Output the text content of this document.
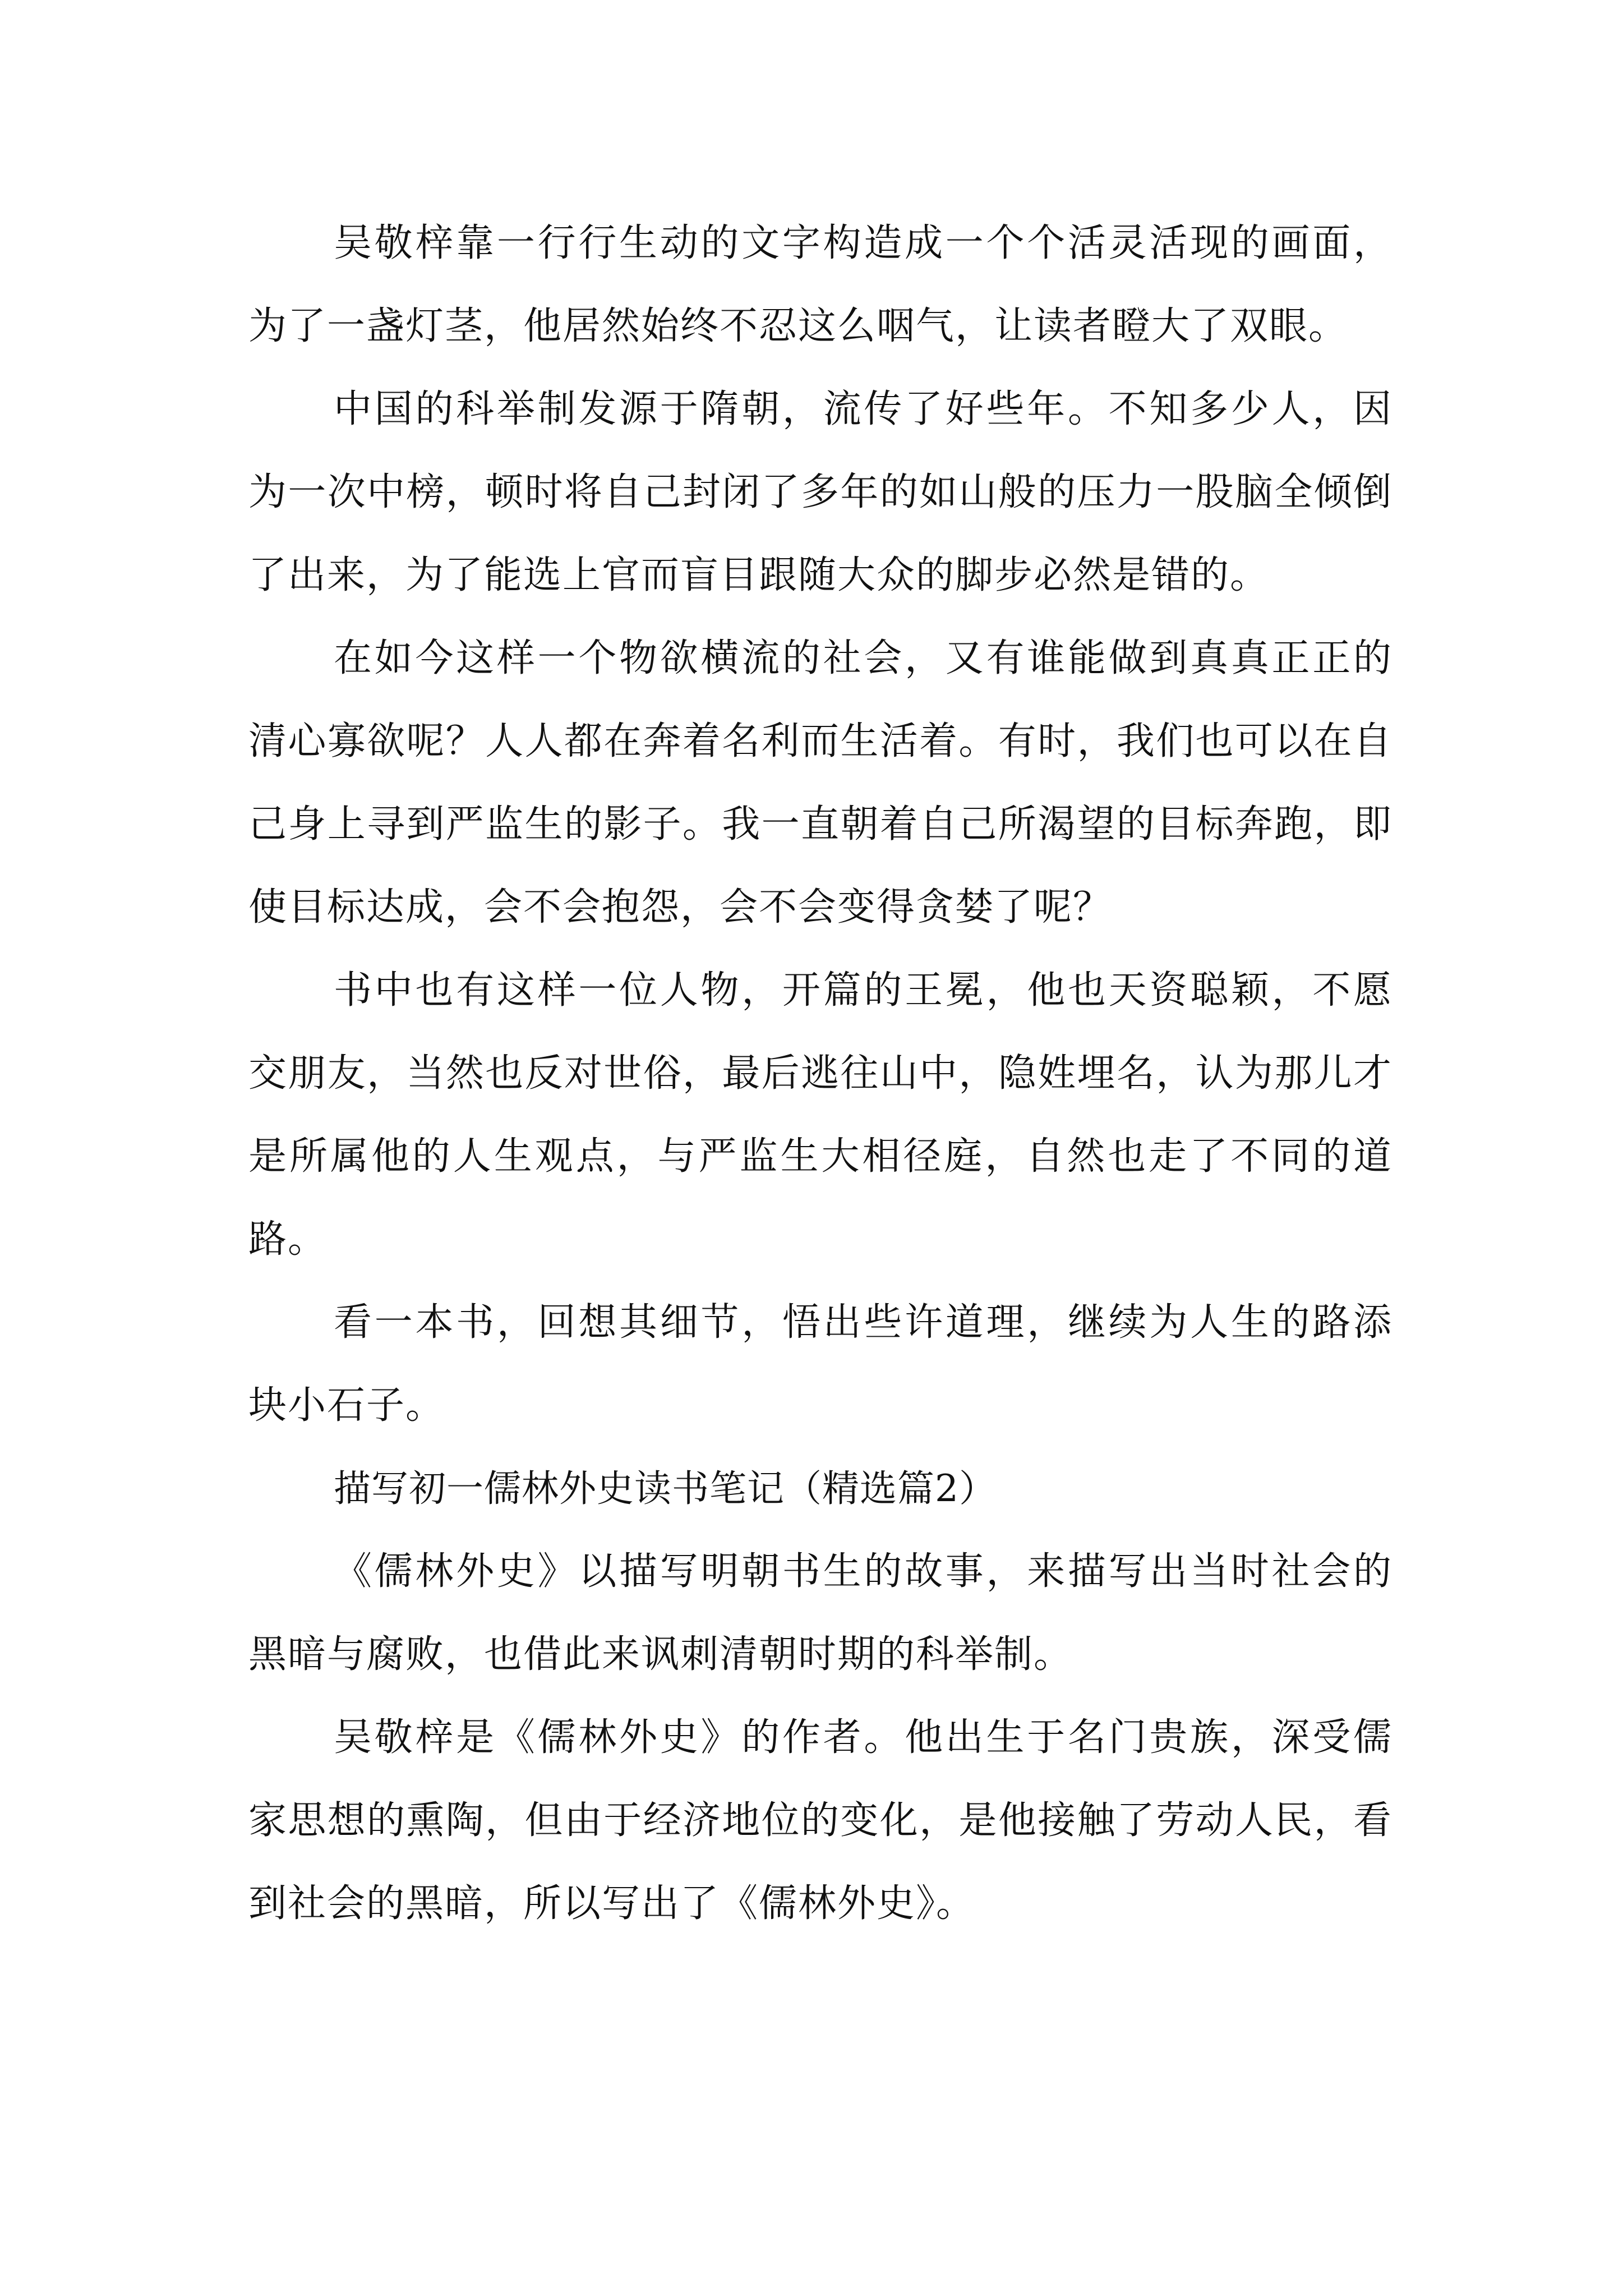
吴敬梓靠一行行生动的文字构造成一个个活灵活现的画面，为了一盏灯茎，他居然始终不忍这么咽气，让读者瞪大了双眼。

中国的科举制发源于隋朝，流传了好些年。不知多少人，因为一次中榜，顿时将自己封闭了多年的如山般的压力一股脑全倾倒了出来，为了能选上官而盲目跟随大众的脚步必然是错的。

在如今这样一个物欲横流的社会，又有谁能做到真真正正的清心寡欲呢？人人都在奔着名利而生活着。有时，我们也可以在自己身上寻到严监生的影子。我一直朝着自己所渴望的目标奔跑，即使目标达成，会不会抱怨，会不会变得贪婪了呢？

书中也有这样一位人物，开篇的王冕，他也天资聪颖，不愿交朋友，当然也反对世俗，最后逃往山中，隐姓埋名，认为那儿才是所属他的人生观点，与严监生大相径庭，自然也走了不同的道路。

看一本书，回想其细节，悟出些许道理，继续为人生的路添块小石子。

描写初一儒林外史读书笔记（精选篇2）

《儒林外史》以描写明朝书生的故事，来描写出当时社会的黑暗与腐败，也借此来讽刺清朝时期的科举制。

吴敬梓是《儒林外史》的作者。他出生于名门贵族，深受儒家思想的熏陶，但由于经济地位的变化，是他接触了劳动人民，看到社会的黑暗，所以写出了《儒林外史》。
